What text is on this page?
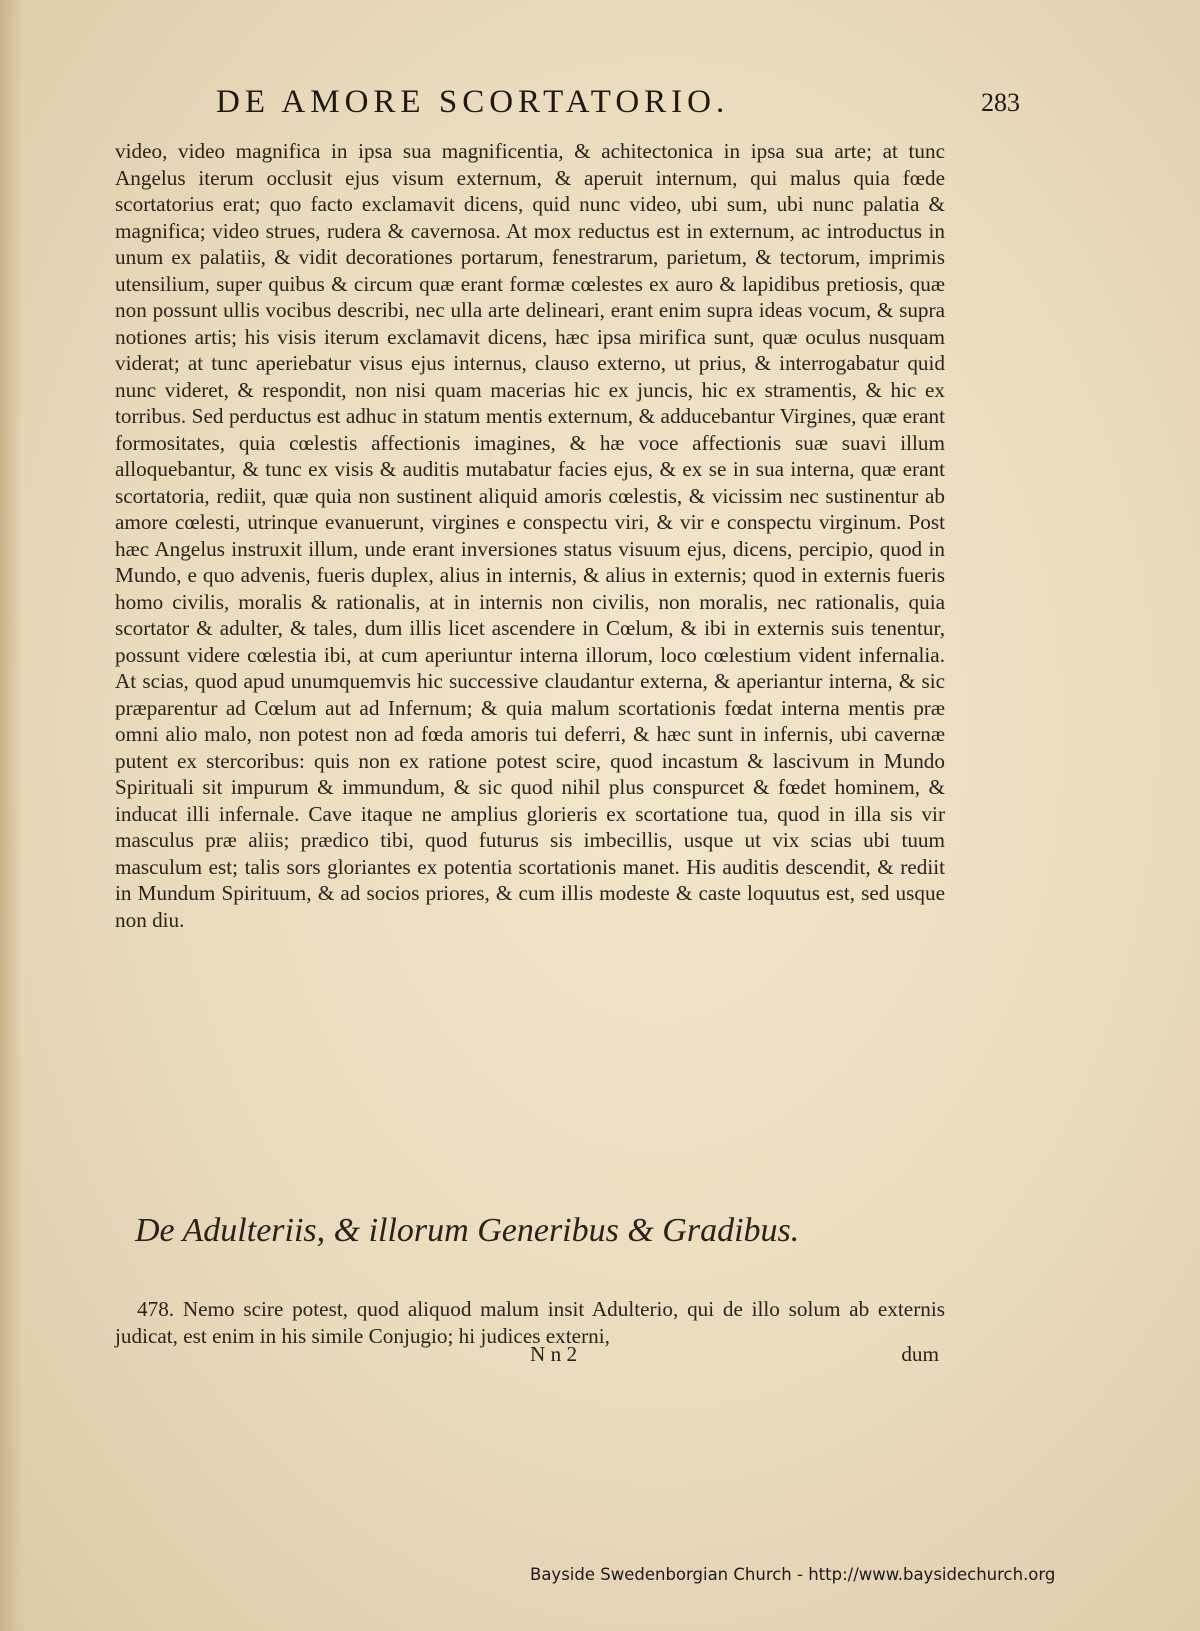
DE AMORE SCORTATORIO.	283

video, video magnifica in ipsa sua magnificentia, & achitectonica in ipsa sua arte; at tunc Angelus iterum occlusit ejus visum externum, & aperuit internum, qui malus quia fœde scortatorius erat; quo facto exclamavit dicens, quid nunc video, ubi sum, ubi nunc palatia & magnifica; video strues, rudera & cavernosa. At mox reductus est in externum, ac introductus in unum ex palatiis, & vidit decorationes portarum, fenestrarum, parietum, & tectorum, imprimis utensilium, super quibus & circum quæ erant formæ cœlestes ex auro & lapidibus pretiosis, quæ non possunt ullis vocibus describi, nec ulla arte delineari, erant enim supra ideas vocum, & supra notiones artis; his visis iterum exclamavit dicens, hæc ipsa mirifica sunt, quæ oculus nusquam viderat; at tunc aperiebatur visus ejus internus, clauso externo, ut prius, & interrogabatur quid nunc videret, & respondit, non nisi quam macerias hic ex juncis, hic ex stramentis, & hic ex torribus. Sed perductus est adhuc in statum mentis externum, & adducebantur Virgines, quæ erant formositates, quia cœlestis affectionis imagines, & hæ voce affectionis suæ suavi illum alloquebantur, & tunc ex visis & auditis mutabatur facies ejus, & ex se in sua interna, quæ erant scortatoria, rediit, quæ quia non sustinent aliquid amoris cœlestis, & vicissim nec sustinentur ab amore cœlesti, utrinque evanuerunt, virgines e conspectu viri, & vir e conspectu virginum. Post hæc Angelus instruxit illum, unde erant inversiones status visuum ejus, dicens, percipio, quod in Mundo, e quo advenis, fueris duplex, alius in internis, & alius in externis; quod in externis fueris homo civilis, moralis & rationalis, at in internis non civilis, non moralis, nec rationalis, quia scortator & adulter, & tales, dum illis licet ascendere in Cœlum, & ibi in externis suis tenentur, possunt videre cœlestia ibi, at cum aperiuntur interna illorum, loco cœlestium vident infernalia. At scias, quod apud unumquemvis hic successive claudantur externa, & aperiantur interna, & sic præparentur ad Cœlum aut ad Infernum; & quia malum scortationis fœdat interna mentis præ omni alio malo, non potest non ad fœda amoris tui deferri, & hæc sunt in infernis, ubi cavernæ putent ex stercoribus: quis non ex ratione potest scire, quod incastum & lascivum in Mundo Spirituali sit impurum & immundum, & sic quod nihil plus conspurcet & fœdet hominem, & inducat illi infernale. Cave itaque ne amplius glorieris ex scortatione tua, quod in illa sis vir masculus præ aliis; prædico tibi, quod futurus sis imbecillis, usque ut vix scias ubi tuum masculum est; talis sors gloriantes ex potentia scortationis manet. His auditis descendit, & rediit in Mundum Spirituum, & ad socios priores, & cum illis modeste & caste loquutus est, sed usque non diu.

De Adulteriis, & illorum Generibus & Gradibus.

478. Nemo scire potest, quod aliquod malum insit Adulterio, qui de illo solum ab externis judicat, est enim in his simile Conjugio; hi judices externi,

N n 2	dum
Bayside Swedenborgian Church - http://www.baysidechurch.org
